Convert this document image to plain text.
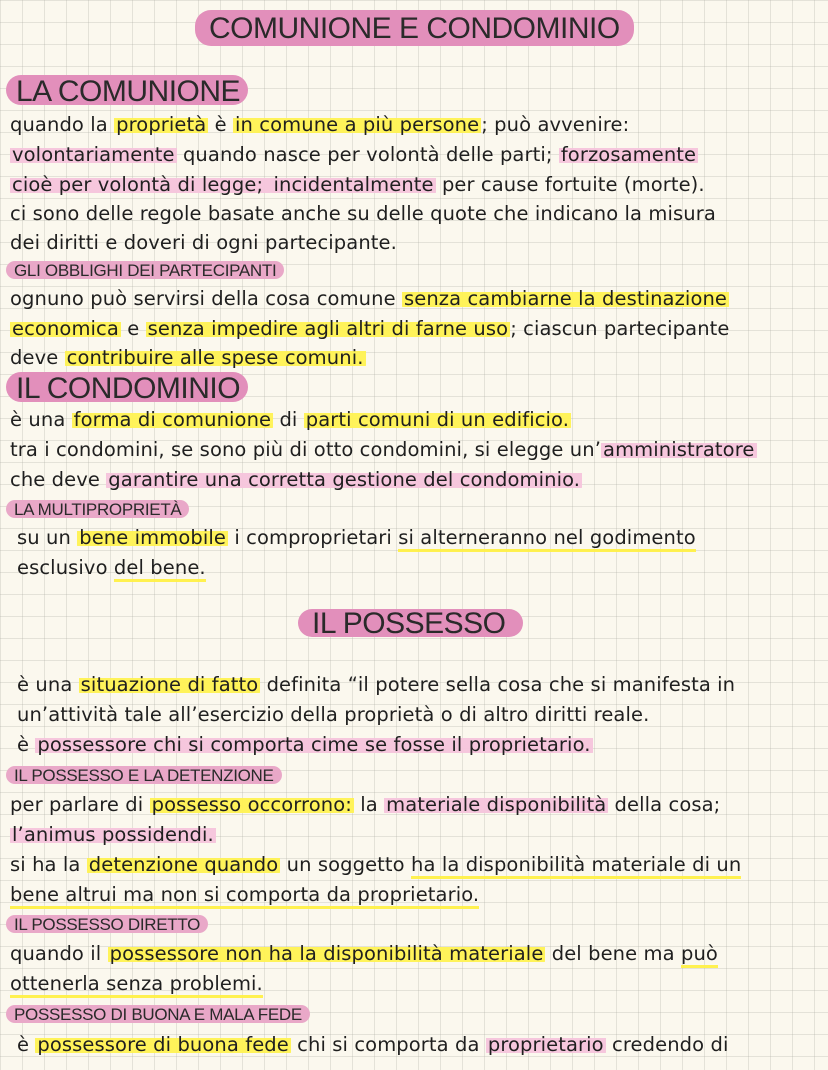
COMUNIONE E CONDOMINIO
LA COMUNIONE

quando la proprietà è in comune a più persone ; può avvenire:

volontariamente quando nasce per volontà delle parti; forzosamente

cioè per volontà di legge; incidentalmente per cause fortuite (morte).

ci sono delle regole basate anche su delle quote che indicano la misura

dei diritti e doveri di ogni partecipante.

GLI OBBLIGHI DEI PARTECIPANTI

ognuno può servirsi della cosa comune senza cambiarne la destinazione

economica e senza impedire agli altri di farne uso ; ciascun partecipante

deve contribuire alle spese comuni.

IL CONDOMINIO

è una forma di comunione di parti comuni di un edificio.

tra i condomini, se sono più di otto condomini, si elegge un’ amministratore

che deve garantire una corretta gestione del condominio.

LA MULTIPROPRIETÀ

su un bene immobile i comproprietari si alterneranno nel godimento

esclusivo del bene.

IL POSSESSO

è una situazione di fatto definita “il potere sella cosa che si manifesta in

un’attività tale all’esercizio della proprietà o di altro diritti reale.

è possessore chi si comporta cime se fosse il proprietario.

IL POSSESSO E LA DETENZIONE

per parlare di possesso occorrono: la materiale disponibilità della cosa;

l’animus possidendi.

si ha la detenzione quando un soggetto ha la disponibilità materiale di un

bene altrui ma non si comporta da proprietario.

IL POSSESSO DIRETTO

quando il possessore non ha la disponibilità materiale del bene ma può

ottenerla senza problemi.

POSSESSO DI BUONA E MALA FEDE

è possessore di buona fede chi si comporta da proprietario credendo di
